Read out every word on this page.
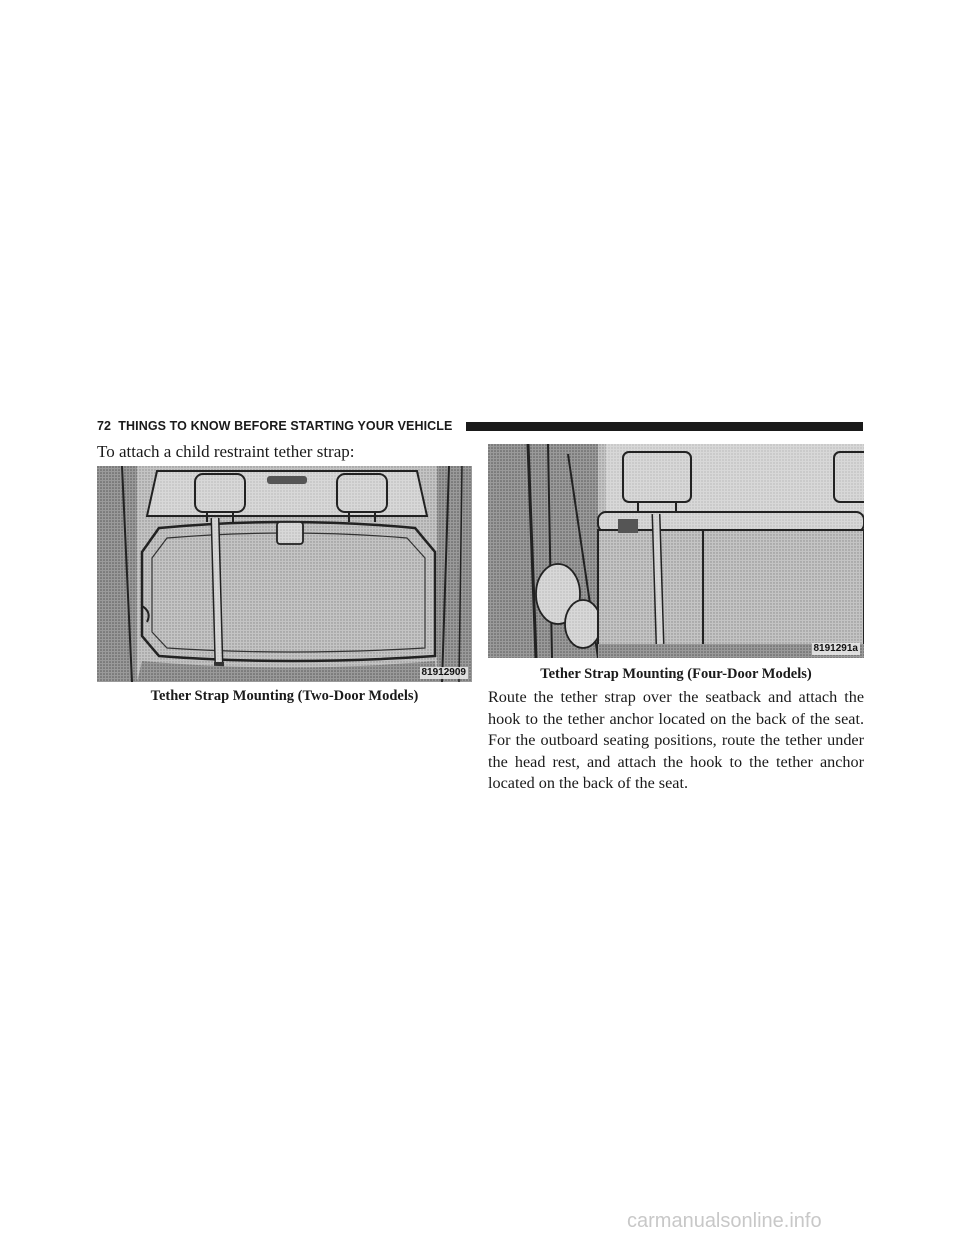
72 THINGS TO KNOW BEFORE STARTING YOUR VEHICLE
To attach a child restraint tether strap:
81912909
Tether Strap Mounting (Two-Door Models)
8191291a
Tether Strap Mounting (Four-Door Models)

Route the tether strap over the seatback and attach the hook to the tether anchor located on the back of the seat. For the outboard seating positions, route the tether under the head rest, and attach the hook to the tether anchor located on the back of the seat.

carmanualsonline.info
